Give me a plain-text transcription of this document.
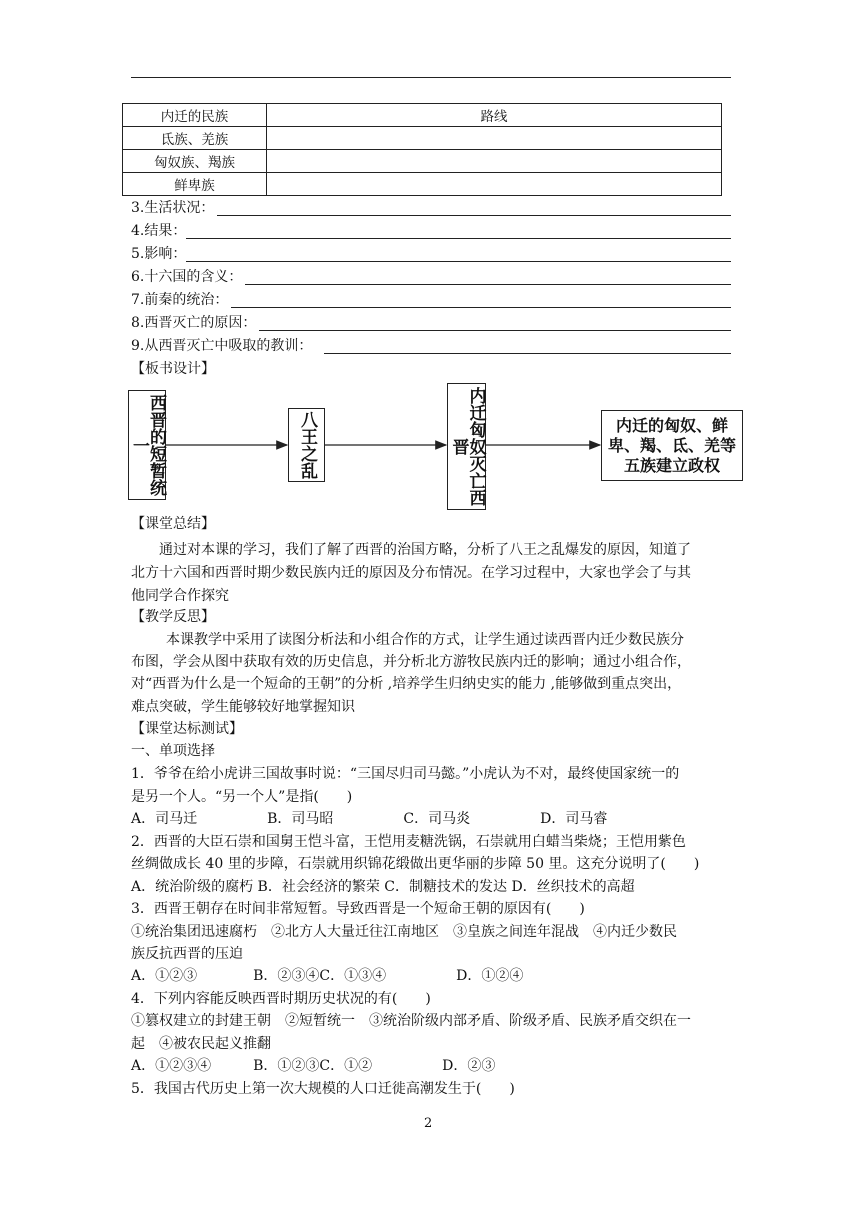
内迁的民族	路线
氐族、羌族	
匈奴族、羯族	
鲜卑族	
3.生活状况：
4.结果：
5.影响：
6.十六国的含义：
7.前秦的统治：
8.西晋灭亡的原因：
9.从西晋灭亡中吸取的教训：
【板书设计】
西晋的短暂统一	八王之乱	内迁匈奴灭亡西晋
内迁的匈奴、鲜卑、羯、氐、羌等五族建立政权
【课堂总结】
通过对本课的学习，我们了解了西晋的治国方略，分析了八王之乱爆发的原因，知道了
北方十六国和西晋时期少数民族内迁的原因及分布情况。在学习过程中，大家也学会了与其
他同学合作探究
【教学反思】
本课教学中采用了读图分析法和小组合作的方式，让学生通过读西晋内迁少数民族分
布图，学会从图中获取有效的历史信息，并分析北方游牧民族内迁的影响；通过小组合作，
对“西晋为什么是一个短命的王朝”的分析 ,培养学生归纳史实的能力 ,能够做到重点突出，
难点突破，学生能够较好地掌握知识
【课堂达标测试】
一、单项选择
1．爷爷在给小虎讲三国故事时说：“三国尽归司马懿。”小虎认为不对，最终使国家统一的
是另一个人。“另一个人”是指(　　)
A．司马迁　　　　　B．司马昭　　　　　C．司马炎　　　　　D．司马睿
2．西晋的大臣石崇和国舅王恺斗富，王恺用麦糖洗锅，石崇就用白蜡当柴烧；王恺用紫色
丝绸做成长 40 里的步障，石崇就用织锦花缎做出更华丽的步障 50 里。这充分说明了(　　)
A．统治阶级的腐朽 B．社会经济的繁荣 C．制糖技术的发达 D．丝织技术的高超
3．西晋王朝存在时间非常短暂。导致西晋是一个短命王朝的原因有(　　)
①统治集团迅速腐朽　②北方人大量迁往江南地区　③皇族之间连年混战　④内迁少数民
族反抗西晋的压迫
A．①②③　　　　B．②③④C．①③④　　　　　D．①②④
4．下列内容能反映西晋时期历史状况的有(　　)
①篡权建立的封建王朝　②短暂统一　③统治阶级内部矛盾、阶级矛盾、民族矛盾交织在一
起　④被农民起义推翻
A．①②③④　　　B．①②③C．①②　　　　　D．②③
5．我国古代历史上第一次大规模的人口迁徙高潮发生于(　　)
2
